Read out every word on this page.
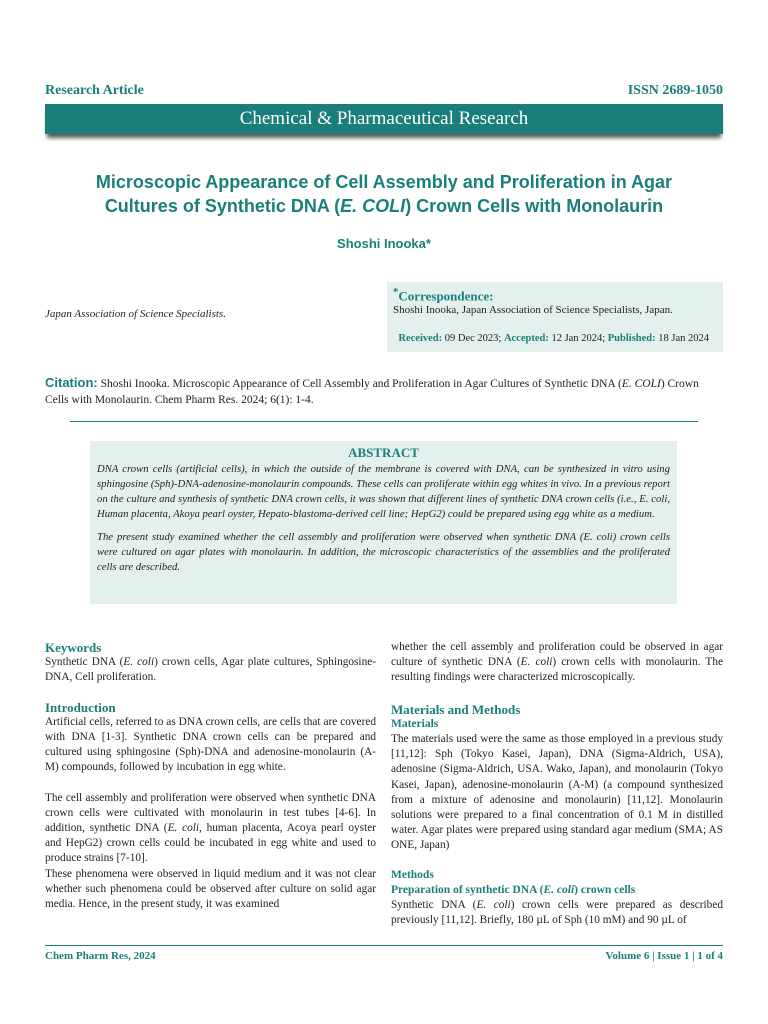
Research Article	ISSN 2689-1050
Chemical & Pharmaceutical Research
Microscopic Appearance of Cell Assembly and Proliferation in Agar
Cultures of Synthetic DNA (E. COLI) Crown Cells with Monolaurin
Shoshi Inooka*
Japan Association of Science Specialists.
*Correspondence:
Shoshi Inooka, Japan Association of Science Specialists, Japan.
Received: 09 Dec 2023; Accepted: 12 Jan 2024; Published: 18 Jan 2024
Citation: Shoshi Inooka. Microscopic Appearance of Cell Assembly and Proliferation in Agar Cultures of Synthetic DNA (E. COLI) Crown Cells with Monolaurin. Chem Pharm Res. 2024; 6(1): 1-4.
ABSTRACT

DNA crown cells (artificial cells), in which the outside of the membrane is covered with DNA, can be synthesized in vitro using sphingosine (Sph)-DNA-adenosine-monolaurin compounds. These cells can proliferate within egg whites in vivo. In a previous report on the culture and synthesis of synthetic DNA crown cells, it was shown that different lines of synthetic DNA crown cells (i.e., E. coli, Human placenta, Akoya pearl oyster, Hepato-blastoma-derived cell line; HepG2) could be prepared using egg white as a medium.

The present study examined whether the cell assembly and proliferation were observed when synthetic DNA (E. coli) crown cells were cultured on agar plates with monolaurin. In addition, the microscopic characteristics of the assemblies and the proliferated cells are described.

Keywords

Synthetic DNA (E. coli) crown cells, Agar plate cultures, Sphingosine-DNA, Cell proliferation.

Introduction

Artificial cells, referred to as DNA crown cells, are cells that are covered with DNA [1-3]. Synthetic DNA crown cells can be prepared and cultured using sphingosine (Sph)-DNA and adenosine-monolaurin (A-M) compounds, followed by incubation in egg white.

The cell assembly and proliferation were observed when synthetic DNA crown cells were cultivated with monolaurin in test tubes [4-6]. In addition, synthetic DNA (E. coli, human placenta, Acoya pearl oyster and HepG2) crown cells could be incubated in egg white and used to produce strains [7-10].

These phenomena were observed in liquid medium and it was not clear whether such phenomena could be observed after culture on solid agar media. Hence, in the present study, it was examined

whether the cell assembly and proliferation could be observed in agar culture of synthetic DNA (E. coli) crown cells with monolaurin. The resulting findings were characterized microscopically.

Materials and Methods
Materials

The materials used were the same as those employed in a previous study [11,12]: Sph (Tokyo Kasei, Japan), DNA (Sigma-Aldrich, USA), adenosine (Sigma-Aldrich, USA. Wako, Japan), and monolaurin (Tokyo Kasei, Japan), adenosine-monolaurin (A-M) (a compound synthesized from a mixture of adenosine and monolaurin) [11,12]. Monolaurin solutions were prepared to a final concentration of 0.1 M in distilled water. Agar plates were prepared using standard agar medium (SMA; AS ONE, Japan)

Methods
Preparation of synthetic DNA (E. coli) crown cells

Synthetic DNA (E. coli) crown cells were prepared as described previously [11,12]. Briefly, 180 µL of Sph (10 mM) and 90 µL of

Chem Pharm Res, 2024	Volume 6 | Issue 1 | 1 of 4
